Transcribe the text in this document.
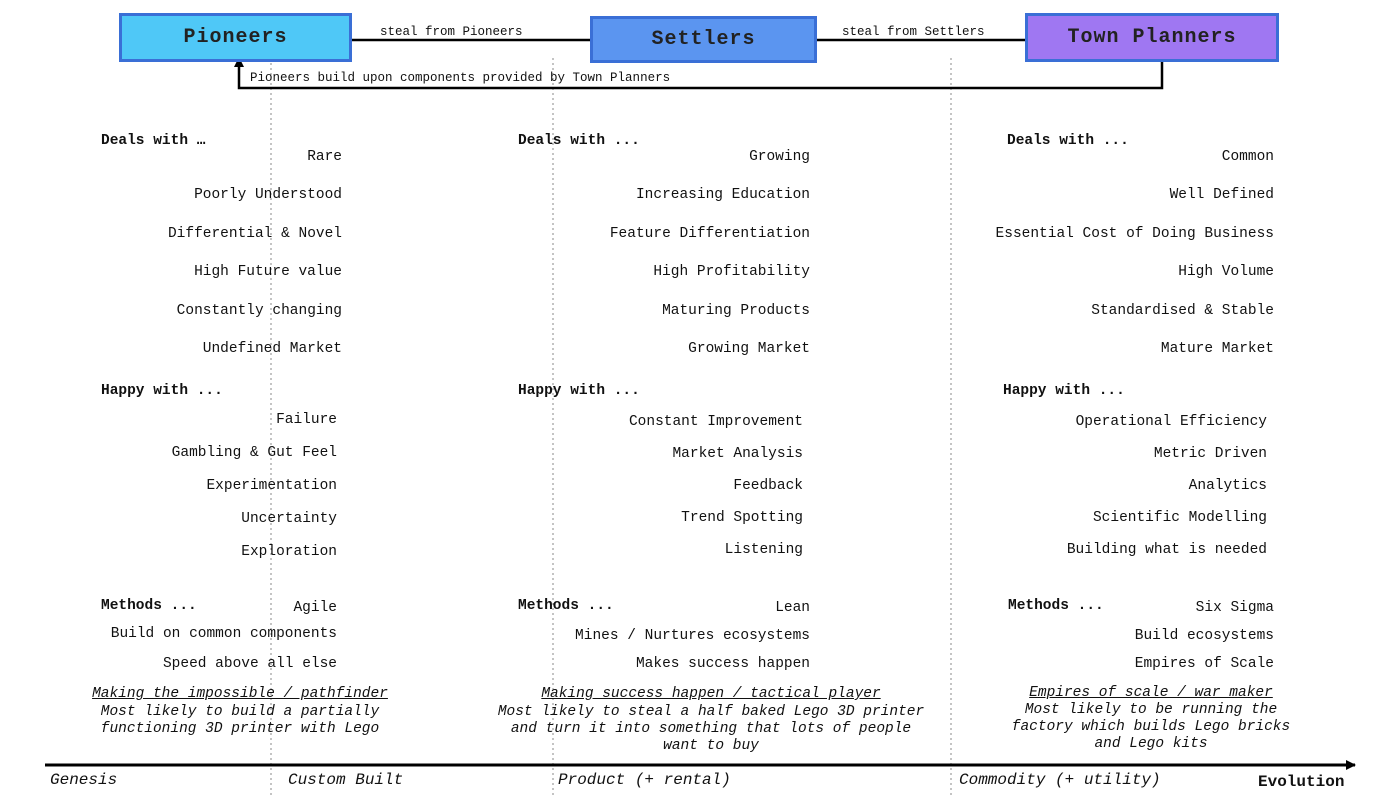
Pioneers	Settlers	Town Planners
steal from Pioneers	steal from Settlers
Pioneers build upon components provided by Town Planners
Deals with …
Rare
Poorly Understood
Differential & Novel
High Future value
Constantly changing
Undefined Market
Happy with ...
Failure
Gambling & Gut Feel
Experimentation
Uncertainty
Exploration
Methods ...	Agile
Build on common components
Speed above all else
Making the impossible / pathfinder
Most likely to build a partially
functioning 3D printer with Lego
Deals with ...
Growing
Increasing Education
Feature Differentiation
High Profitability
Maturing Products
Growing Market
Happy with ...
Constant Improvement
Market Analysis
Feedback
Trend Spotting
Listening
Methods ...	Lean
Mines / Nurtures ecosystems
Makes success happen
Making success happen / tactical player
Most likely to steal a half baked Lego 3D printer
and turn it into something that lots of people
want to buy
Deals with ...
Common
Well Defined
Essential Cost of Doing Business
High Volume
Standardised & Stable
Mature Market
Happy with ...
Operational Efficiency
Metric Driven
Analytics
Scientific Modelling
Building what is needed
Methods ...	Six Sigma
Build ecosystems
Empires of Scale
Empires of scale / war maker
Most likely to be running the
factory which builds Lego bricks
and Lego kits
Genesis	Custom Built	Product (+ rental)	Commodity (+ utility)	Evolution
